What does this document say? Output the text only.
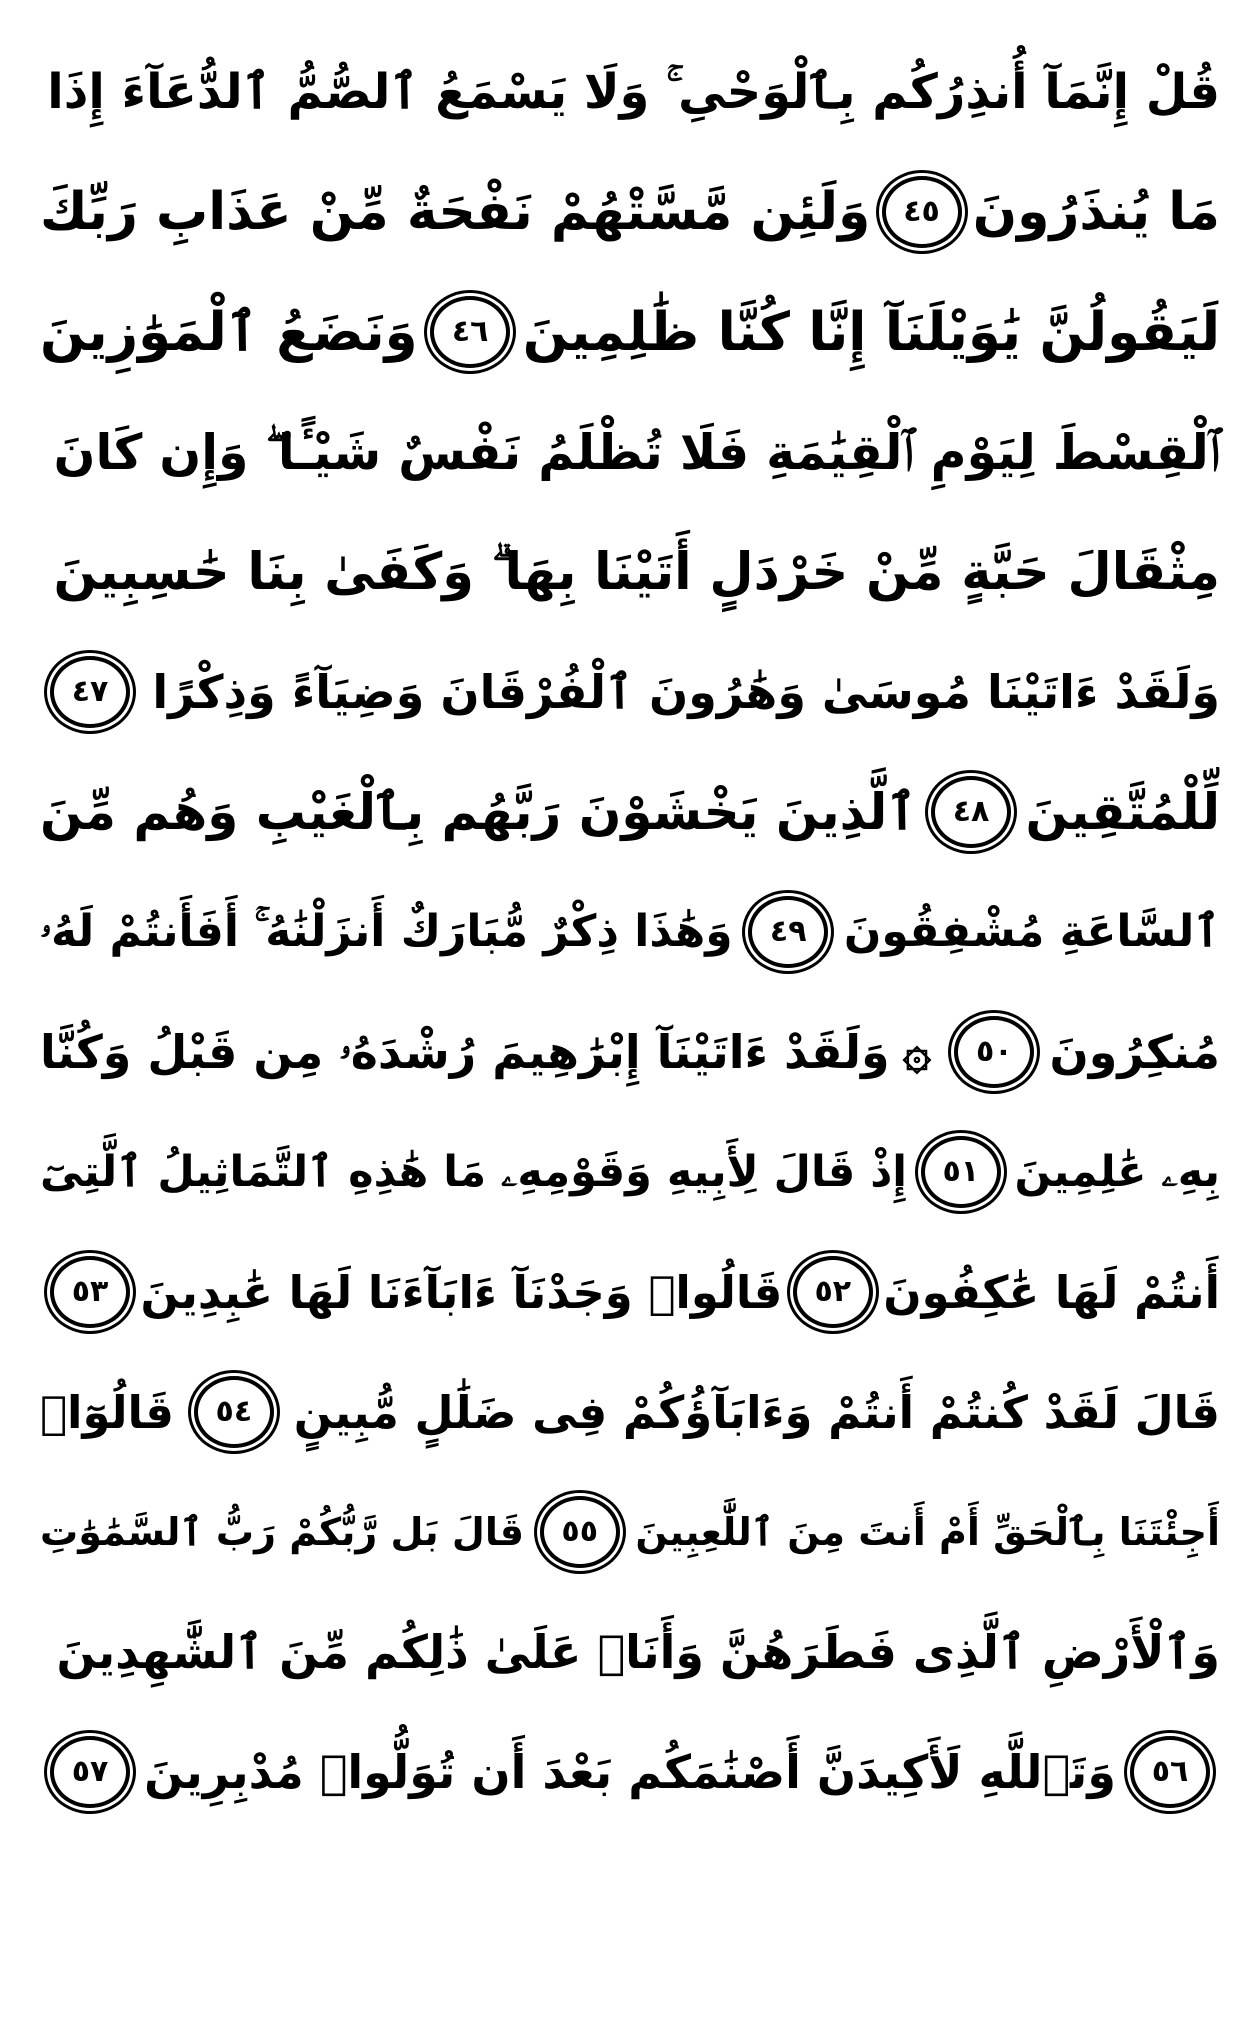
قُلْ إِنَّمَآ أُنذِرُكُم بِٱلْوَحْىِ ۚ وَلَا يَسْمَعُ ٱلصُّمُّ ٱلدُّعَآءَ إِذَا
مَا يُنذَرُونَ
٤٥
وَلَئِن مَّسَّتْهُمْ نَفْحَةٌ مِّنْ عَذَابِ رَبِّكَ
لَيَقُولُنَّ يَٰوَيْلَنَآ إِنَّا كُنَّا ظَٰلِمِينَ
٤٦
وَنَضَعُ ٱلْمَوَٰزِينَ
ٱلْقِسْطَ لِيَوْمِ ٱلْقِيَٰمَةِ فَلَا تُظْلَمُ نَفْسٌ شَيْـًٔا ۖ وَإِن كَانَ
مِثْقَالَ حَبَّةٍ مِّنْ خَرْدَلٍ أَتَيْنَا بِهَا ۗ وَكَفَىٰ بِنَا حَٰسِبِينَ
وَلَقَدْ ءَاتَيْنَا مُوسَىٰ وَهَٰرُونَ ٱلْفُرْقَانَ وَضِيَآءً وَذِكْرًا
٤٧
لِّلْمُتَّقِينَ
٤٨
ٱلَّذِينَ يَخْشَوْنَ رَبَّهُم بِٱلْغَيْبِ وَهُم مِّنَ
ٱلسَّاعَةِ مُشْفِقُونَ
٤٩
وَهَٰذَا ذِكْرٌ مُّبَارَكٌ أَنزَلْنَٰهُ ۚ أَفَأَنتُمْ لَهُۥ
مُنكِرُونَ
٥٠
۞
وَلَقَدْ ءَاتَيْنَآ إِبْرَٰهِيمَ رُشْدَهُۥ مِن قَبْلُ وَكُنَّا
بِهِۦ عَٰلِمِينَ
٥١
إِذْ قَالَ لِأَبِيهِ وَقَوْمِهِۦ مَا هَٰذِهِ ٱلتَّمَاثِيلُ ٱلَّتِىٓ
أَنتُمْ لَهَا عَٰكِفُونَ
٥٢
قَالُوا۟ وَجَدْنَآ ءَابَآءَنَا لَهَا عَٰبِدِينَ
٥٣
قَالَ لَقَدْ كُنتُمْ أَنتُمْ وَءَابَآؤُكُمْ فِى ضَلَٰلٍ مُّبِينٍ
٥٤
قَالُوٓا۟
أَجِئْتَنَا بِٱلْحَقِّ أَمْ أَنتَ مِنَ ٱللَّٰعِبِينَ
٥٥
قَالَ بَل رَّبُّكُمْ رَبُّ ٱلسَّمَٰوَٰتِ
وَٱلْأَرْضِ ٱلَّذِى فَطَرَهُنَّ وَأَنَا۠ عَلَىٰ ذَٰلِكُم مِّنَ ٱلشَّٰهِدِينَ
٥٦
وَتَٱللَّهِ لَأَكِيدَنَّ أَصْنَٰمَكُم بَعْدَ أَن تُوَلُّوا۟ مُدْبِرِينَ
٥٧
